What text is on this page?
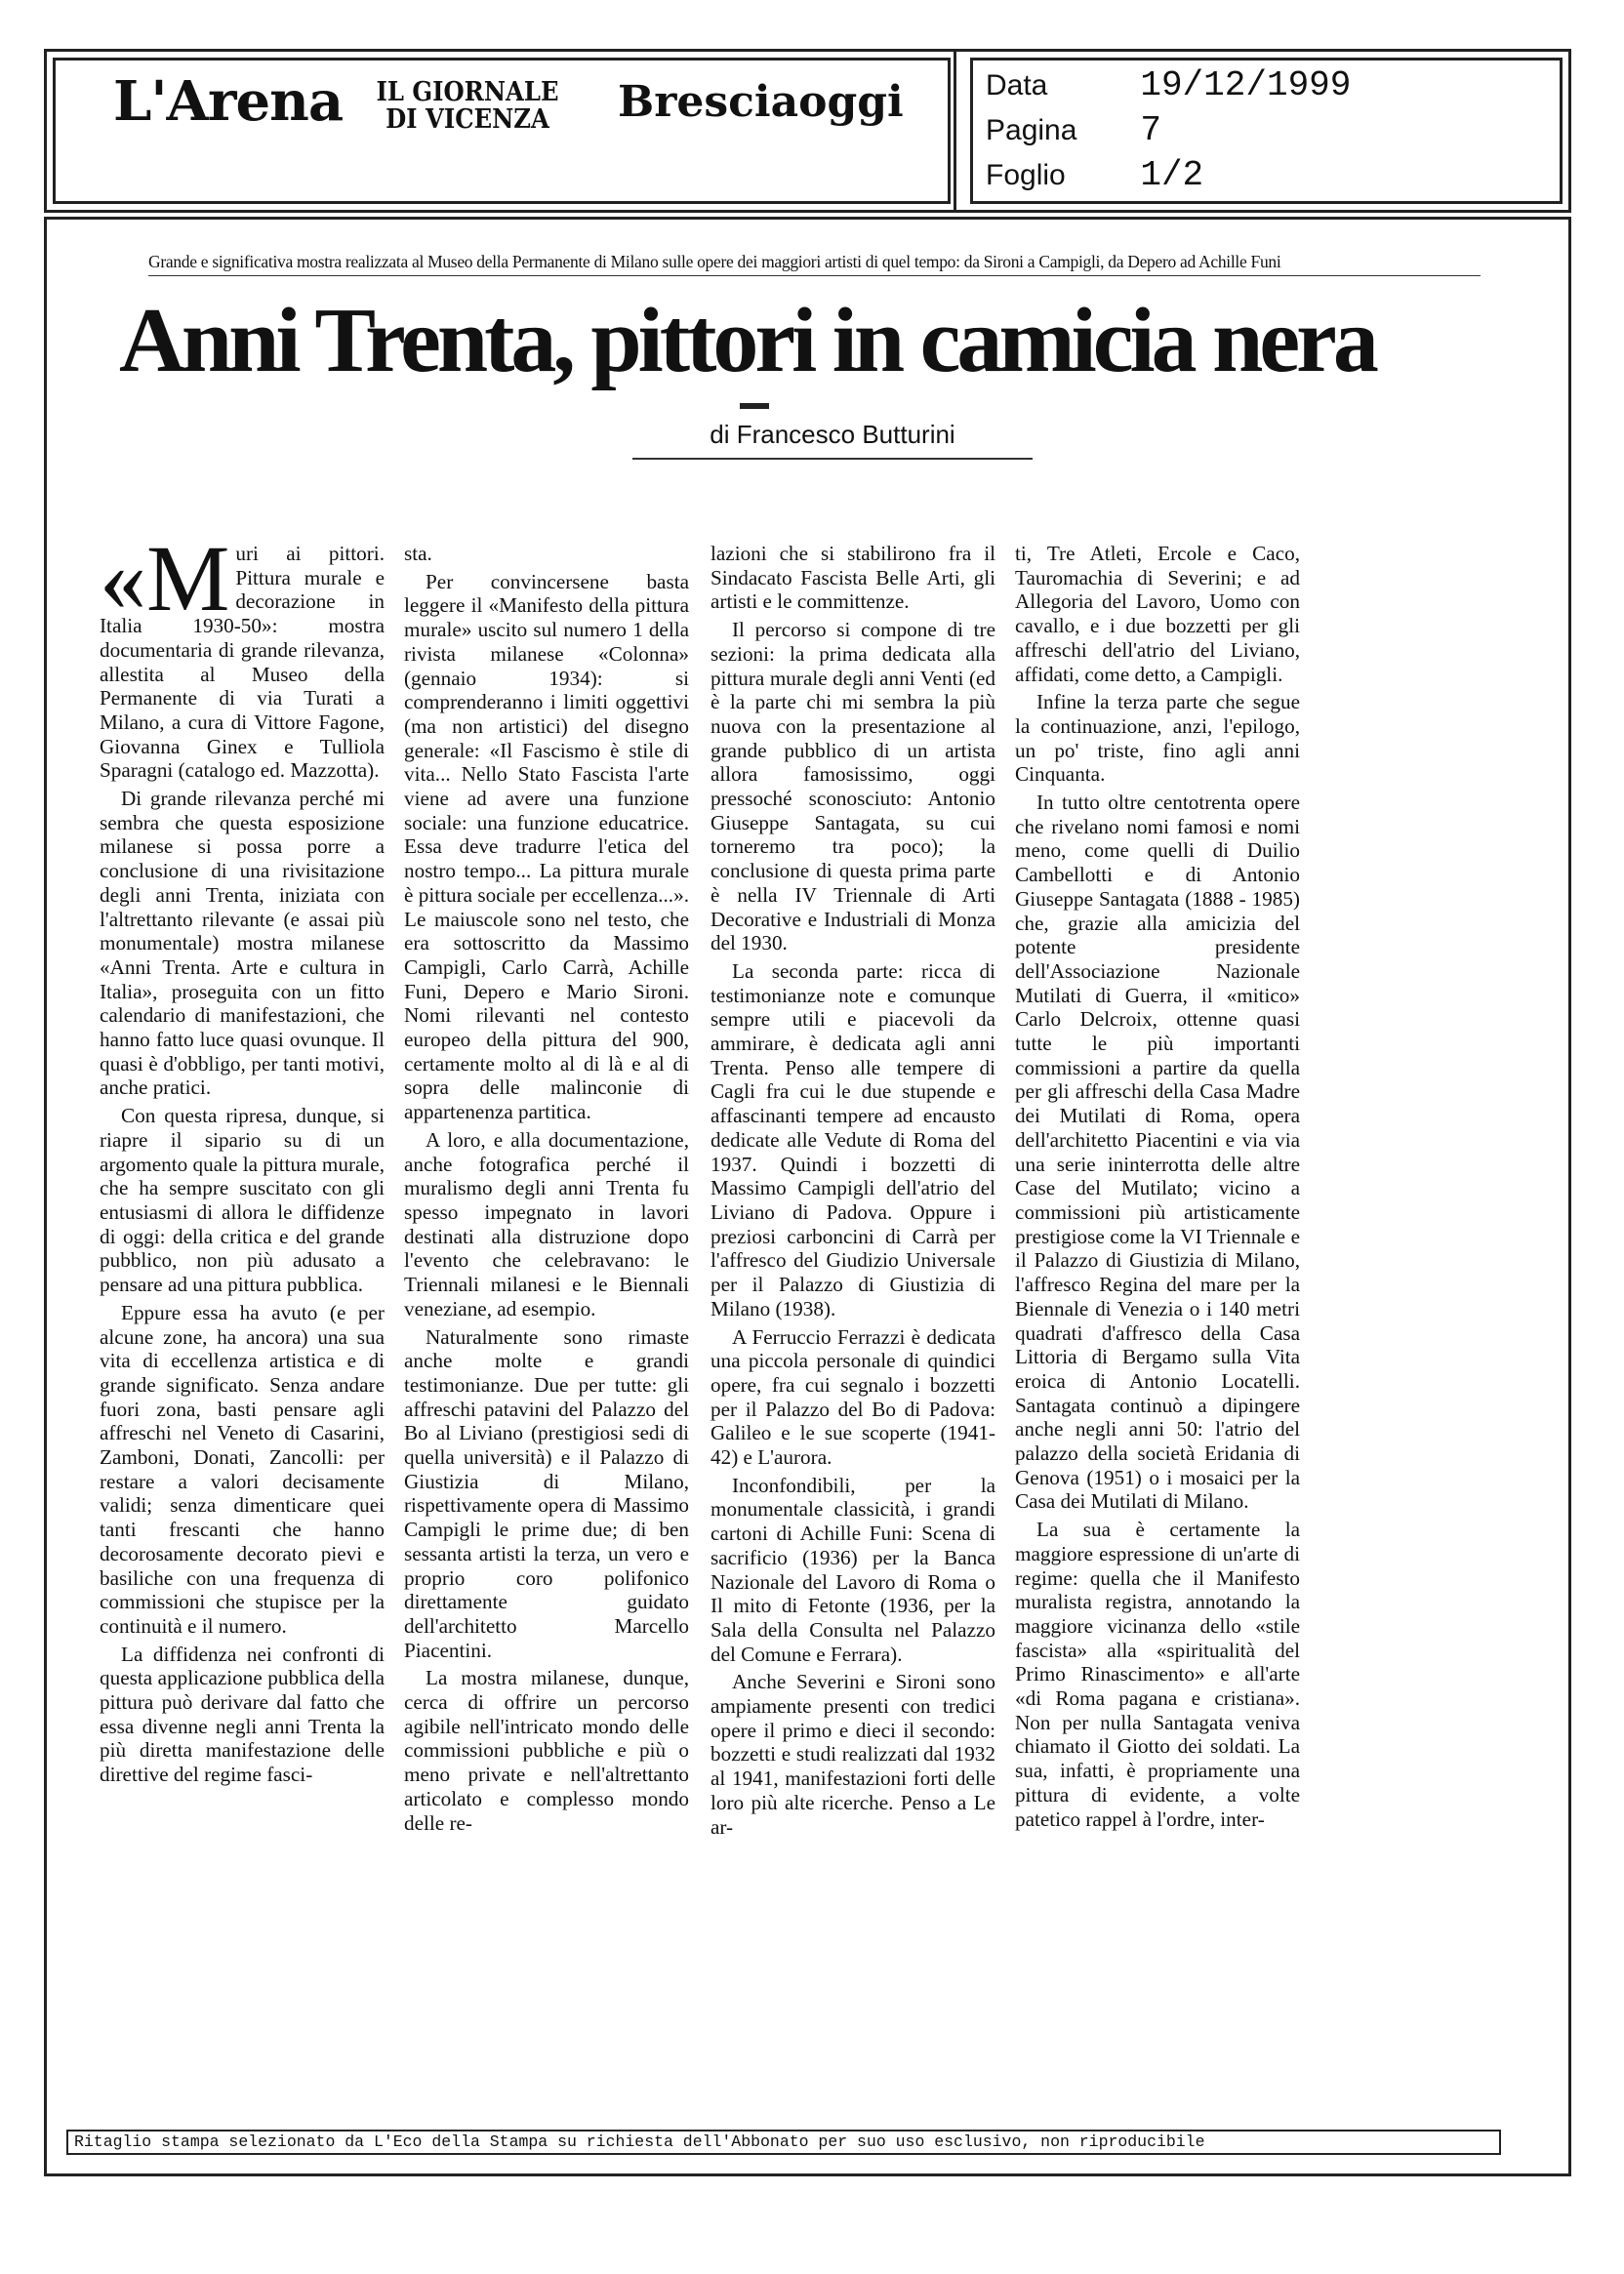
L'Arena IL GIORNALE
DI VICENZA	Bresciaoggi	Data	19/12/1999
Pagina 7
Foglio 1/2
Grande e significativa mostra realizzata al Museo della Permanente di Milano sulle opere dei maggiori artisti di quel tempo: da Sironi a Campigli, da Depero ad Achille Funi
Anni Trenta, pittori in camicia nera
di Francesco Butturini

«M uri ai pittori. Pittura murale e decorazione in Italia 1930-50»: mostra documentaria di grande rilevanza, allestita al Museo della Permanente di via Turati a Milano, a cura di Vittore Fagone, Giovanna Ginex e Tulliola Sparagni (catalogo ed. Mazzotta).

Di grande rilevanza perché mi sembra che questa esposizione milanese si possa porre a conclusione di una rivisitazione degli anni Trenta, iniziata con l'altrettanto rilevante (e assai più monumentale) mostra milanese «Anni Trenta. Arte e cultura in Italia», proseguita con un fitto calendario di manifestazioni, che hanno fatto luce quasi ovunque. Il quasi è d'obbligo, per tanti motivi, anche pratici.

Con questa ripresa, dunque, si riapre il sipario su di un argomento quale la pittura murale, che ha sempre suscitato con gli entusiasmi di allora le diffidenze di oggi: della critica e del grande pubblico, non più adusato a pensare ad una pittura pubblica.

Eppure essa ha avuto (e per alcune zone, ha ancora) una sua vita di eccellenza artistica e di grande significato. Senza andare fuori zona, basti pensare agli affreschi nel Veneto di Casarini, Zamboni, Donati, Zancolli: per restare a valori decisamente validi; senza dimenticare quei tanti frescanti che hanno decorosamente decorato pievi e basiliche con una frequenza di commissioni che stupisce per la continuità e il numero.

La diffidenza nei confronti di questa applicazione pubblica della pittura può derivare dal fatto che essa divenne negli anni Trenta la più diretta manifestazione delle direttive del regime fasci-

sta.

Per convincersene basta leggere il «Manifesto della pittura murale» uscito sul numero 1 della rivista milanese «Colonna» (gennaio 1934): si comprenderanno i limiti oggettivi (ma non artistici) del disegno generale: «Il Fascismo è stile di vita... Nello Stato Fascista l'arte viene ad avere una funzione sociale: una funzione educatrice. Essa deve tradurre l'etica del nostro tempo... La pittura murale è pittura sociale per eccellenza...». Le maiuscole sono nel testo, che era sottoscritto da Massimo Campigli, Carlo Carrà, Achille Funi, Depero e Mario Sironi. Nomi rilevanti nel contesto europeo della pittura del 900, certamente molto al di là e al di sopra delle malinconie di appartenenza partitica.

A loro, e alla documentazione, anche fotografica perché il muralismo degli anni Trenta fu spesso impegnato in lavori destinati alla distruzione dopo l'evento che celebravano: le Triennali milanesi e le Biennali veneziane, ad esempio.

Naturalmente sono rimaste anche molte e grandi testimonianze. Due per tutte: gli affreschi patavini del Palazzo del Bo al Liviano (prestigiosi sedi di quella università) e il Palazzo di Giustizia di Milano, rispettivamente opera di Massimo Campigli le prime due; di ben sessanta artisti la terza, un vero e proprio coro polifonico direttamente guidato dell'architetto Marcello Piacentini.

La mostra milanese, dunque, cerca di offrire un percorso agibile nell'intricato mondo delle commissioni pubbliche e più o meno private e nell'altrettanto articolato e complesso mondo delle re-

lazioni che si stabilirono fra il Sindacato Fascista Belle Arti, gli artisti e le committenze.

Il percorso si compone di tre sezioni: la prima dedicata alla pittura murale degli anni Venti (ed è la parte chi mi sembra la più nuova con la presentazione al grande pubblico di un artista allora famosissimo, oggi pressoché sconosciuto: Antonio Giuseppe Santagata, su cui torneremo tra poco); la conclusione di questa prima parte è nella IV Triennale di Arti Decorative e Industriali di Monza del 1930.

La seconda parte: ricca di testimonianze note e comunque sempre utili e piacevoli da ammirare, è dedicata agli anni Trenta. Penso alle tempere di Cagli fra cui le due stupende e affascinanti tempere ad encausto dedicate alle Vedute di Roma del 1937. Quindi i bozzetti di Massimo Campigli dell'atrio del Liviano di Padova. Oppure i preziosi carboncini di Carrà per l'affresco del Giudizio Universale per il Palazzo di Giustizia di Milano (1938).

A Ferruccio Ferrazzi è dedicata una piccola personale di quindici opere, fra cui segnalo i bozzetti per il Palazzo del Bo di Padova: Galileo e le sue scoperte (1941-42) e L'aurora.

Inconfondibili, per la monumentale classicità, i grandi cartoni di Achille Funi: Scena di sacrificio (1936) per la Banca Nazionale del Lavoro di Roma o Il mito di Fetonte (1936, per la Sala della Consulta nel Palazzo del Comune e Ferrara).

Anche Severini e Sironi sono ampiamente presenti con tredici opere il primo e dieci il secondo: bozzetti e studi realizzati dal 1932 al 1941, manifestazioni forti delle loro più alte ricerche. Penso a Le ar-

ti, Tre Atleti, Ercole e Caco, Tauromachia di Severini; e ad Allegoria del Lavoro, Uomo con cavallo, e i due bozzetti per gli affreschi dell'atrio del Liviano, affidati, come detto, a Campigli.

Infine la terza parte che segue la continuazione, anzi, l'epilogo, un po' triste, fino agli anni Cinquanta.

In tutto oltre centotrenta opere che rivelano nomi famosi e nomi meno, come quelli di Duilio Cambellotti e di Antonio Giuseppe Santagata (1888 - 1985) che, grazie alla amicizia del potente presidente dell'Associazione Nazionale Mutilati di Guerra, il «mitico» Carlo Delcroix, ottenne quasi tutte le più importanti commissioni a partire da quella per gli affreschi della Casa Madre dei Mutilati di Roma, opera dell'architetto Piacentini e via via una serie ininterrotta delle altre Case del Mutilato; vicino a commissioni più artisticamente prestigiose come la VI Triennale e il Palazzo di Giustizia di Milano, l'affresco Regina del mare per la Biennale di Venezia o i 140 metri quadrati d'affresco della Casa Littoria di Bergamo sulla Vita eroica di Antonio Locatelli. Santagata continuò a dipingere anche negli anni 50: l'atrio del palazzo della società Eridania di Genova (1951) o i mosaici per la Casa dei Mutilati di Milano.

La sua è certamente la maggiore espressione di un'arte di regime: quella che il Manifesto muralista registra, annotando la maggiore vicinanza dello «stile fascista» alla «spiritualità del Primo Rinascimento» e all'arte «di Roma pagana e cristiana». Non per nulla Santagata veniva chiamato il Giotto dei soldati. La sua, infatti, è propriamente una pittura di evidente, a volte patetico rappel à l'ordre, inter-

Ritaglio stampa selezionato da L'Eco della Stampa su richiesta dell'Abbonato per suo uso esclusivo, non riproducibile
